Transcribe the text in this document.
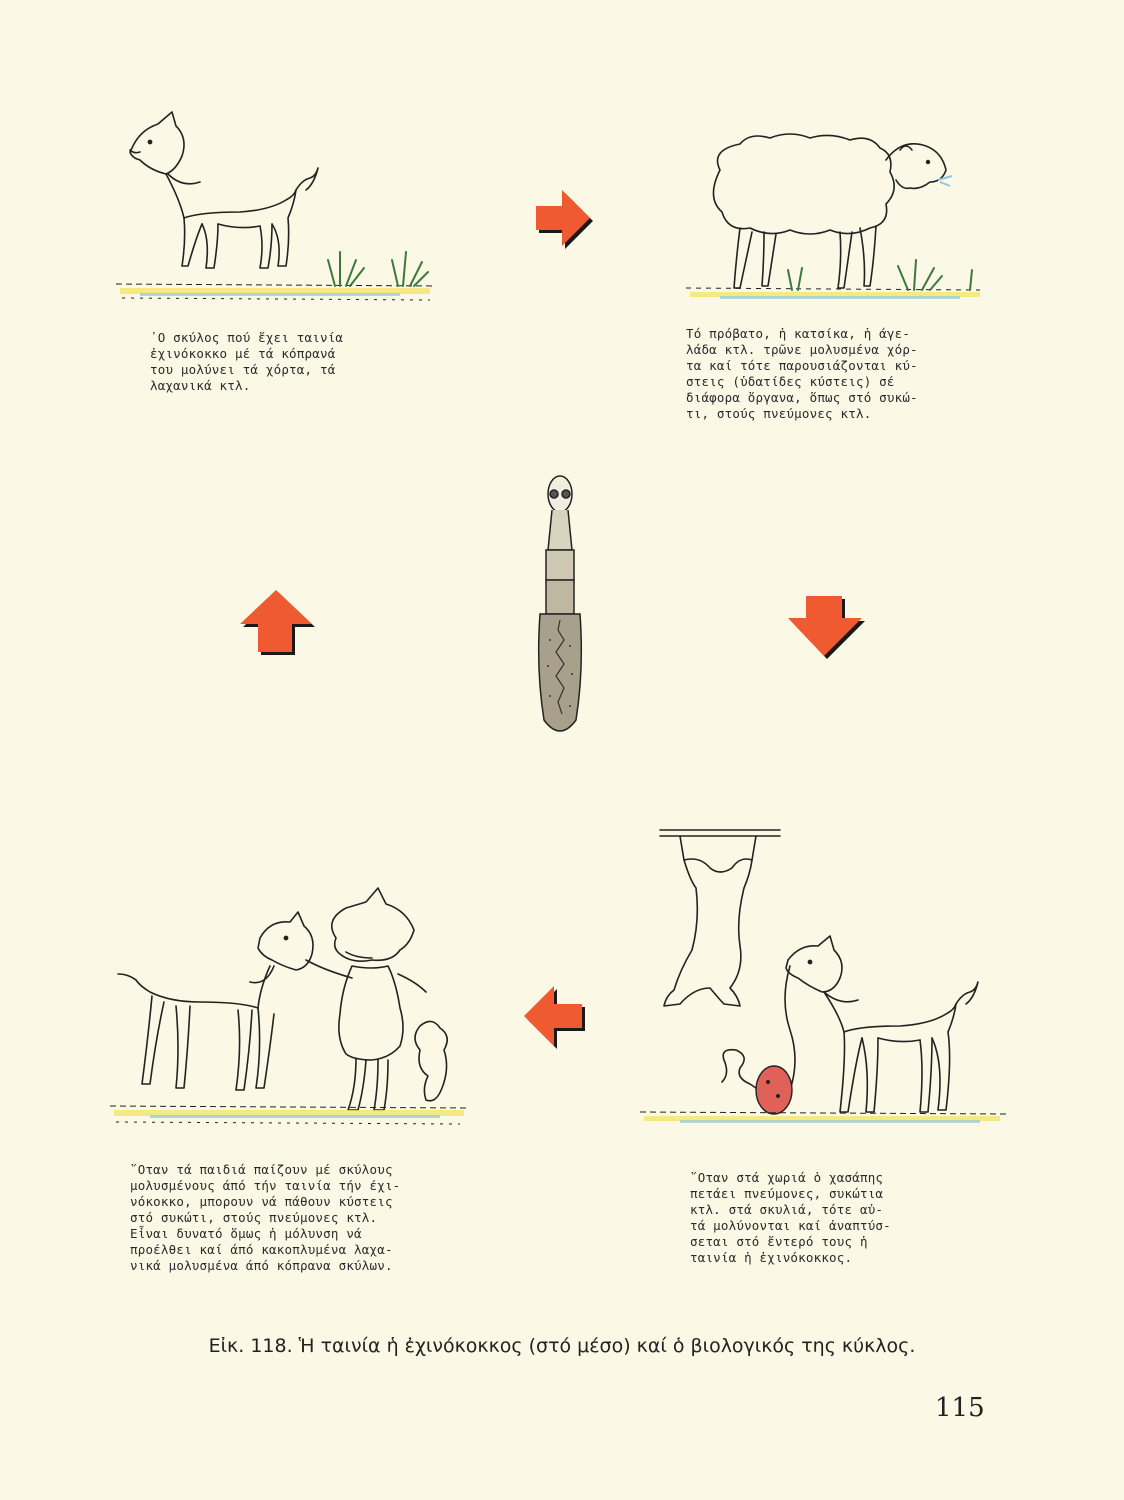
᾿Ο σκύλος πού ἔχει ταινία
ἐχινόκοκκο μέ τά κόπρανά
του μολύνει τά χόρτα, τά
λαχανικά κτλ.
Τό πρόβατο, ἡ κατσίκα, ἡ άγε-
λάδα κτλ. τρῶνε μολυσμένα χόρ-
τα καί τότε παρουσιάζονται κύ-
στεις (ὑδατίδες κύστεις) σέ
διάφορα ὄργανα, ὅπως στό συκώ-
τι, στούς πνεύμονες κτλ.
῞Οταν στά χωριά ὁ χασάπης
πετάει πνεύμονες, συκώτια
κτλ. στά σκυλιά, τότε αὐ-
τά μολύνονται καί ἀναπτύσ-
σεται στό ἔντερό τους ἡ
ταινία ἡ ἐχινόκοκκος.
῞Οταν τά παιδιά παίζουν μέ σκύλους
μολυσμένους άπό τήν ταινία τήν έχι-
νόκοκκο, μπορουν νά πάθουν κύστεις
στό συκώτι, στούς πνεύμονες κτλ.
Εἶναι δυνατό ὅμως ἡ μόλυνση νά
προέλθει καί άπό κακοπλυμένα λαχα-
νικά μολυσμένα άπό κόπρανα σκύλων.
Εἰκ. 118. Ἡ ταινία ἡ ἐχινόκοκκος (στό μέσο) καί ὁ βιολογικός της κύκλος.
115
